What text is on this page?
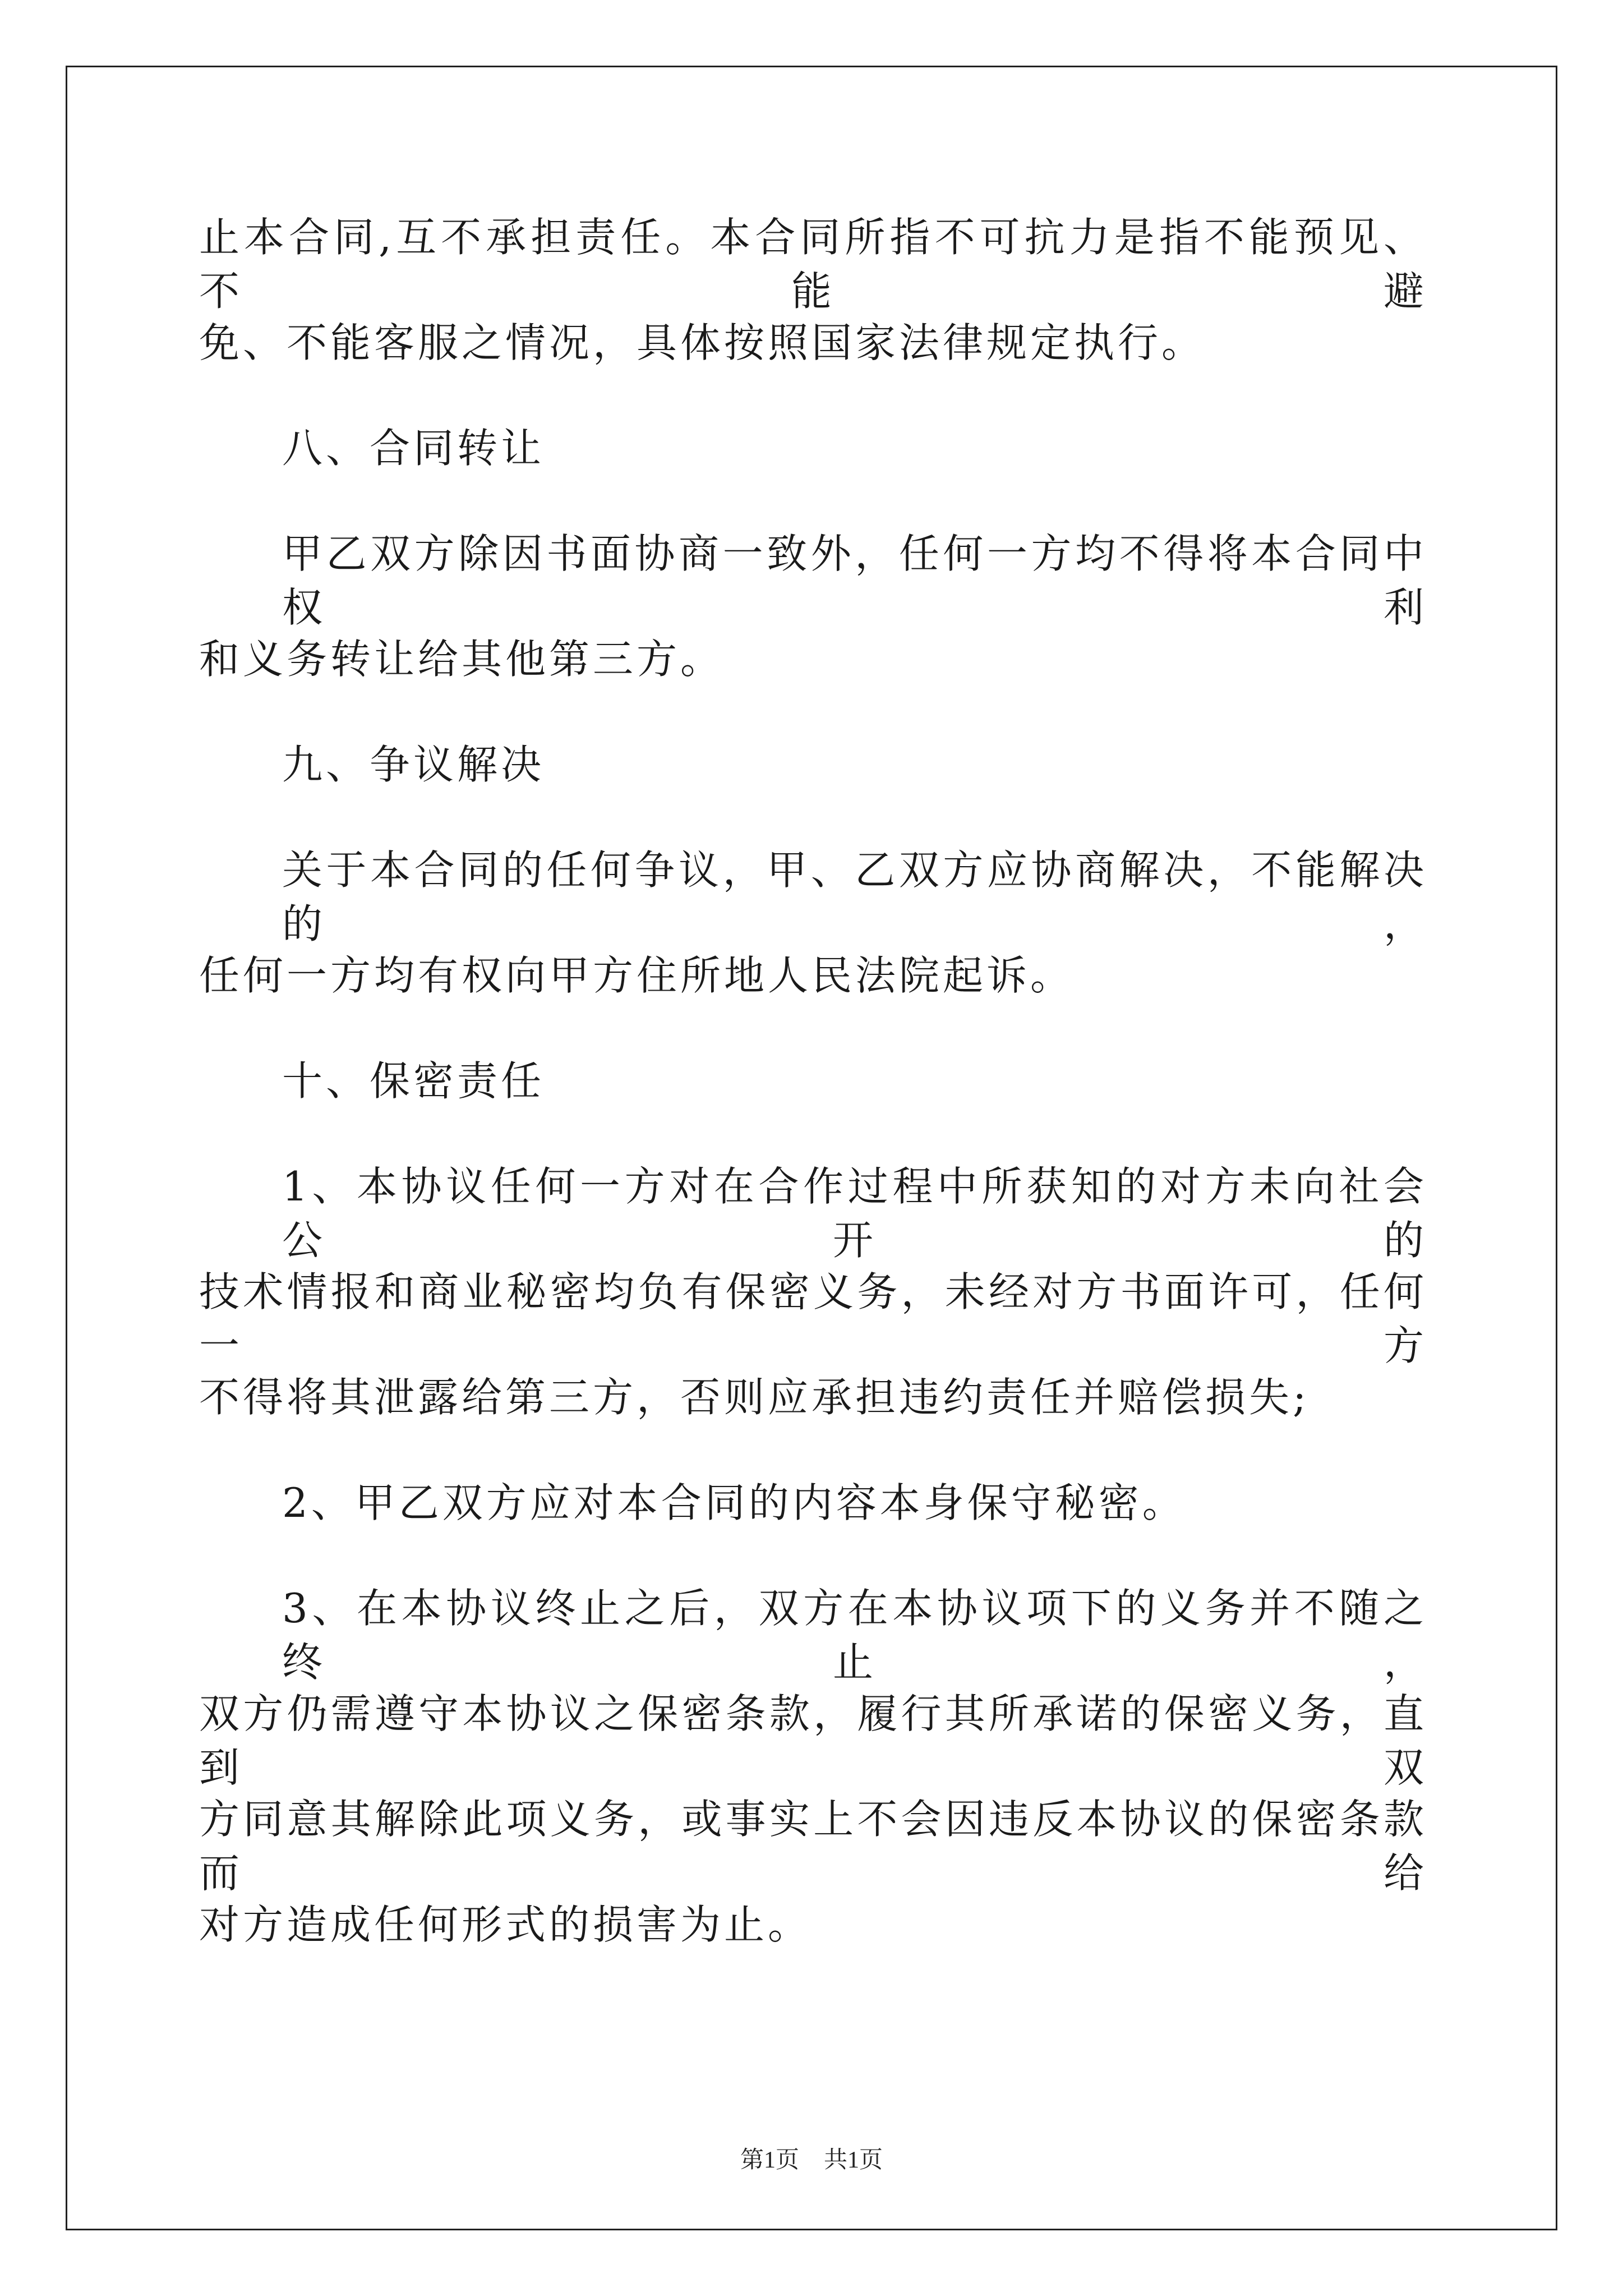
止本合同,互不承担责任。本合同所指不可抗力是指不能预见、不能避

免、不能客服之情况，具体按照国家法律规定执行。

八、合同转让

甲乙双方除因书面协商一致外，任何一方均不得将本合同中权利

和义务转让给其他第三方。

九、争议解决

关于本合同的任何争议，甲、乙双方应协商解决，不能解决的，

任何一方均有权向甲方住所地人民法院起诉。

十、保密责任

1、本协议任何一方对在合作过程中所获知的对方未向社会公开的

技术情报和商业秘密均负有保密义务，未经对方书面许可，任何一方

不得将其泄露给第三方，否则应承担违约责任并赔偿损失;

2、甲乙双方应对本合同的内容本身保守秘密。

3、在本协议终止之后，双方在本协议项下的义务并不随之终止，

双方仍需遵守本协议之保密条款，履行其所承诺的保密义务，直到双

方同意其解除此项义务，或事实上不会因违反本协议的保密条款而给

对方造成任何形式的损害为止。

第1页 共1页
